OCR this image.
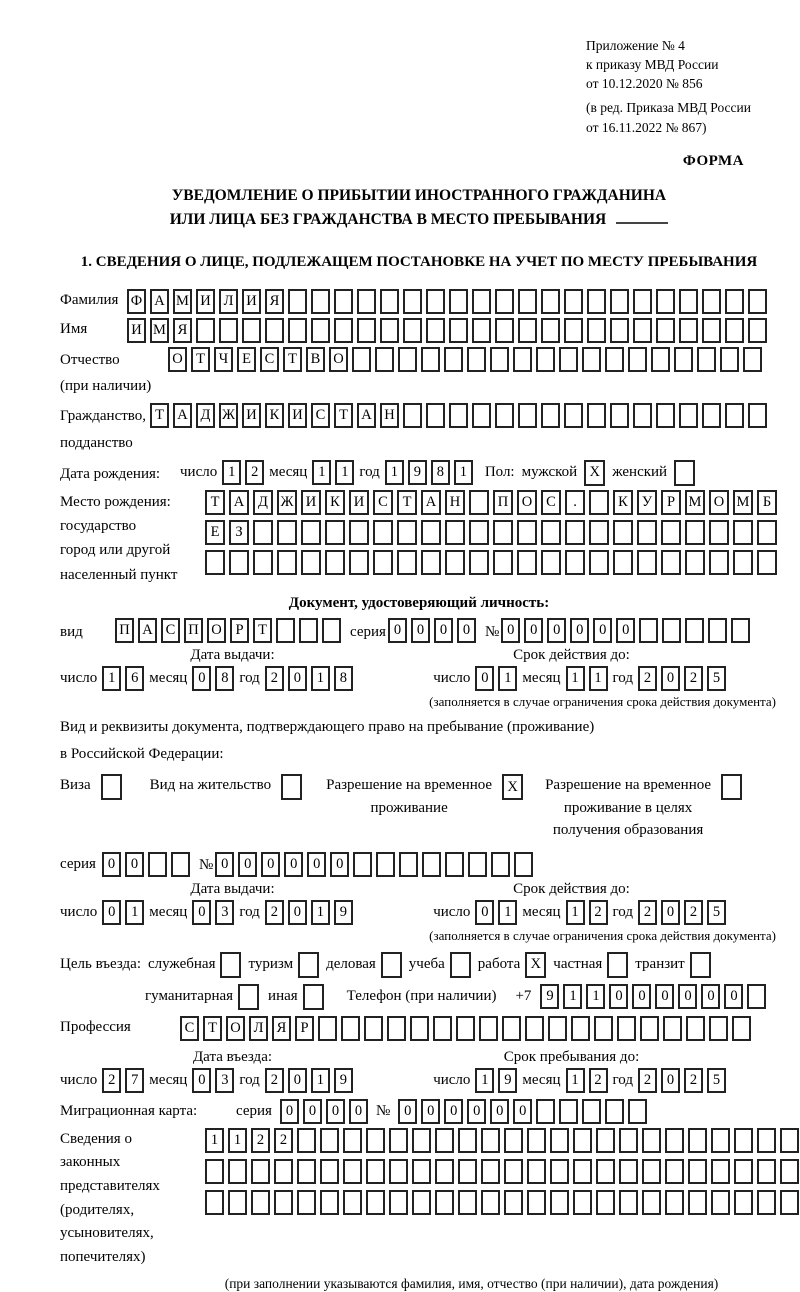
Приложение № 4
к приказу МВД России
от 10.12.2020 № 856
(в ред. Приказа МВД России
от 16.11.2022 № 867)
ФОРМА
УВЕДОМЛЕНИЕ О ПРИБЫТИИ ИНОСТРАННОГО ГРАЖДАНИНА
ИЛИ ЛИЦА БЕЗ ГРАЖДАНСТВА В МЕСТО ПРЕБЫВАНИЯ
1. СВЕДЕНИЯ О ЛИЦЕ, ПОДЛЕЖАЩЕМ ПОСТАНОВКЕ НА УЧЕТ ПО МЕСТУ ПРЕБЫВАНИЯ
Фамилия Ф А М И Л И Я
Имя	И М Я
Отчество
(при наличии)
О Т Ч Е С Т В О
Гражданство,
подданство
Т А Д Ж И К И С Т А Н
Дата рождения:	число 1	2 месяц 1	1 год 1	9	8	1	Пол: мужской X женский
Место рождения:
государство
город или другой
населенный пункт
Т А Д Ж И К И С	Т А Н	П О С	.	К У	Р М О М Б
Е	З
Документ, удостоверяющий личность:
вид	П А С П О Р	Т	серия 0	0	0	0 № 0	0	0	0	0	0
Дата выдачи:	Срок действия до:
число 1	6 месяц 0	8 год 2	0	1	8	число 0	1 месяц 1	1 год 2	0	2	5
(заполняется в случае ограничения срока действия документа)
Вид и реквизиты документа, подтверждающего право на пребывание (проживание)
в Российской Федерации:
Виза	Вид на жительство	Разрешение на временное
проживание
X	Разрешение на временное
проживание в целях
получения образования
серия 0	0	№ 0	0	0	0	0	0
Дата выдачи:	Срок действия до:
число 0	1 месяц 0	3 год 2	0	1	9	число 0	1 месяц 1	2 год 2	0	2	5
(заполняется в случае ограничения срока действия документа)
Цель въезда: служебная туризм деловая учеба работа X частная транзит
гуманитарная иная	Телефон (при наличии) +7	9	1	1	0	0	0	0	0	0
Профессия	С Т О Л Я Р
Дата въезда:	Срок пребывания до:
число 2	7 месяц 0	3 год 2	0	1	9	число 1	9 месяц 1	2 год 2	0	2	5
Миграционная карта:	серия 0	0	0	0 № 0	0	0	0	0	0
Сведения о
законных
представителях
(родителях,
усыновителях,
попечителях)
1	1	2	2
(при заполнении указываются фамилия, имя, отчество (при наличии), дата рождения)
